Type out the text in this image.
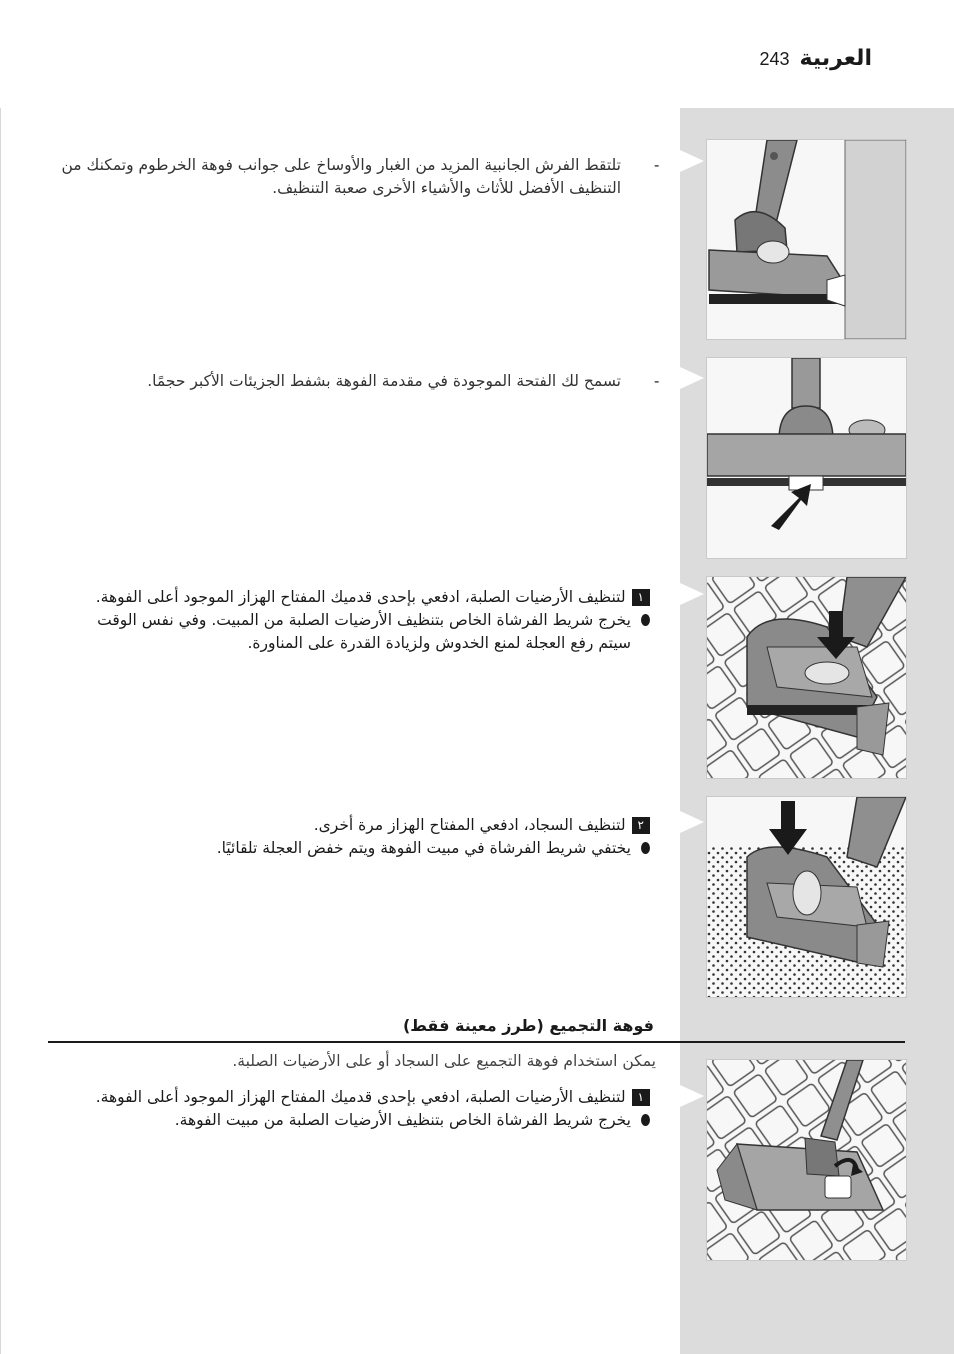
العربية
243
-
تلتقط الفرش الجانبية المزيد من الغبار والأوساخ على جوانب فوهة الخرطوم وتمكنك من
التنظيف الأفضل للأثاث والأشياء الأخرى صعبة التنظيف.
-
تسمح لك الفتحة الموجودة في مقدمة الفوهة بشفط الجزيئات الأكبر حجمًا.
١لتنظيف الأرضيات الصلبة، ادفعي بإحدى قدميك المفتاح الهزاز الموجود أعلى الفوهة.
يخرج شريط الفرشاة الخاص بتنظيف الأرضيات الصلبة من المبيت. وفي نفس الوقت
سيتم رفع العجلة لمنع الخدوش ولزيادة القدرة على المناورة.
٢لتنظيف السجاد، ادفعي المفتاح الهزاز مرة أخرى.
يختفي شريط الفرشاة في مبيت الفوهة ويتم خفض العجلة تلقائيًا.
فوهة التجميع (طرز معينة فقط)
يمكن استخدام فوهة التجميع على السجاد أو على الأرضيات الصلبة.
١لتنظيف الأرضيات الصلبة، ادفعي بإحدى قدميك المفتاح الهزاز الموجود أعلى الفوهة.
يخرج شريط الفرشاة الخاص بتنظيف الأرضيات الصلبة من مبيت الفوهة.
